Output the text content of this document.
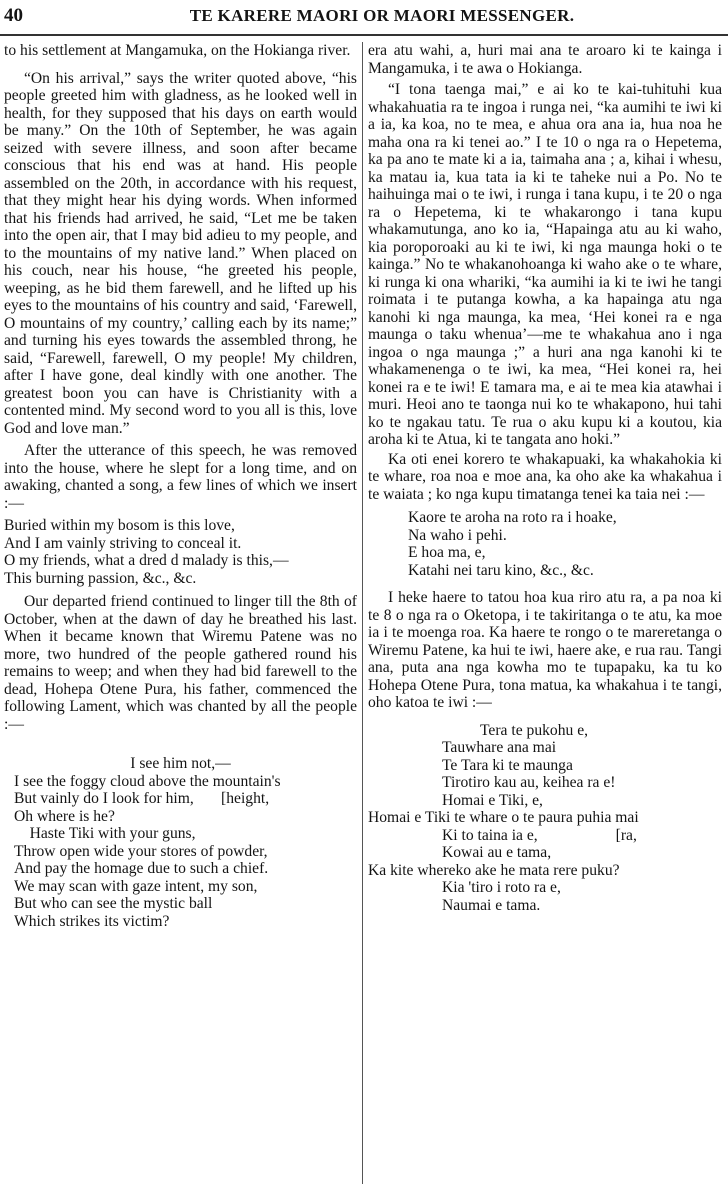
40	TE KARERE MAORI OR MAORI MESSENGER.

to his settlement at Mangamuka, on the Hokianga river.

“On his arrival,” says the writer quoted above, “his people greeted him with gladness, as he looked well in health, for they supposed that his days on earth would be many.” On the 10th of September, he was again seized with severe illness, and soon after became conscious that his end was at hand. His people assembled on the 20th, in accordance with his request, that they might hear his dying words. When informed that his friends had arrived, he said, “Let me be taken into the open air, that I may bid adieu to my people, and to the mountains of my native land.” When placed on his couch, near his house, “he greeted his people, weeping, as he bid them farewell, and he lifted up his eyes to the mountains of his country and said, ‘Farewell, O mountains of my country,’ calling each by its name;” and turning his eyes towards the assembled throng, he said, “Farewell, farewell, O my people! My children, after I have gone, deal kindly with one another. The greatest boon you can have is Christianity with a contented mind. My second word to you all is this, love God and love man.”

After the utterance of this speech, he was removed into the house, where he slept for a long time, and on awaking, chanted a song, a few lines of which we insert :—

Buried within my bosom is this love,
And I am vainly striving to conceal it.
O my friends, what a dred d malady is this,—
This burning passion, &c., &c.

Our departed friend continued to linger till the 8th of October, when at the dawn of day he breathed his last. When it became known that Wiremu Patene was no more, two hundred of the people gathered round his remains to weep; and when they had bid farewell to the dead, Hohepa Otene Pura, his father, commenced the following Lament, which was chanted by all the people :—

I see him not,—
I see the foggy cloud above the mountain's
But vainly do I look for him,       [height,
Oh where is he?
Haste Tiki with your guns,
Throw open wide your stores of powder,
And pay the homage due to such a chief.
We may scan with gaze intent, my son,
But who can see the mystic ball
Which strikes its victim?

era atu wahi, a, huri mai ana te aroaro ki te kainga i Mangamuka, i te awa o Hokianga.

“I tona taenga mai,” e ai ko te kai-tuhituhi kua whakahuatia ra te ingoa i runga nei, “ka aumihi te iwi ki a ia, ka koa, no te mea, e ahua ora ana ia, hua noa he maha ona ra ki tenei ao.” I te 10 o nga ra o Hepetema, ka pa ano te mate ki a ia, taimaha ana ; a, kihai i whesu, ka matau ia, kua tata ia ki te taheke nui a Po. No te haihuinga mai o te iwi, i runga i tana kupu, i te 20 o nga ra o Hepetema, ki te whakarongo i tana kupu whakamutunga, ano ko ia, “Hapainga atu au ki waho, kia poroporoaki au ki te iwi, ki nga maunga hoki o te kainga.” No te whakanohoanga ki waho ake o te whare, ki runga ki ona whariki, “ka aumihi ia ki te iwi he tangi roimata i te putanga kowha, a ka hapainga atu nga kanohi ki nga maunga, ka mea, ‘Hei konei ra e nga maunga o taku whenua’—me te whakahua ano i nga ingoa o nga maunga ;” a huri ana nga kanohi ki te whakamenenga o te iwi, ka mea, “Hei konei ra, hei konei ra e te iwi! E tamara ma, e ai te mea kia atawhai i muri. Heoi ano te taonga nui ko te whakapono, hui tahi ko te ngakau tatu. Te rua o aku kupu ki a koutou, kia aroha ki te Atua, ki te tangata ano hoki.”

Ka oti enei korero te whakapuaki, ka whakahokia ki te whare, roa noa e moe ana, ka oho ake ka whakahua i te waiata ; ko nga kupu timatanga tenei ka taia nei :—

Kaore te aroha na roto ra i hoake,
Na waho i pehi.
E hoa ma, e,
Katahi nei taru kino, &c., &c.

I heke haere to tatou hoa kua riro atu ra, a pa noa ki te 8 o nga ra o Oketopa, i te takiritanga o te atu, ka moe ia i te moenga roa. Ka haere te rongo o te mareretanga o Wiremu Patene, ka hui te iwi, haere ake, e rua rau. Tangi ana, puta ana nga kowha mo te tupapaku, ka tu ko Hohepa Otene Pura, tona matua, ka whakahua i te tangi, oho katoa te iwi :—

Tera te pukohu e,
Tauwhare ana mai
Te Tara ki te maunga
Tirotiro kau au, keihea ra e!
Homai e Tiki, e,
Homai e Tiki te whare o te paura puhia mai
Ki to taina ia e,                    [ra,
Kowai au e tama,
Ka kite whereko ake he mata rere puku?
Kia 'tiro i roto ra e,
Naumai e tama.
